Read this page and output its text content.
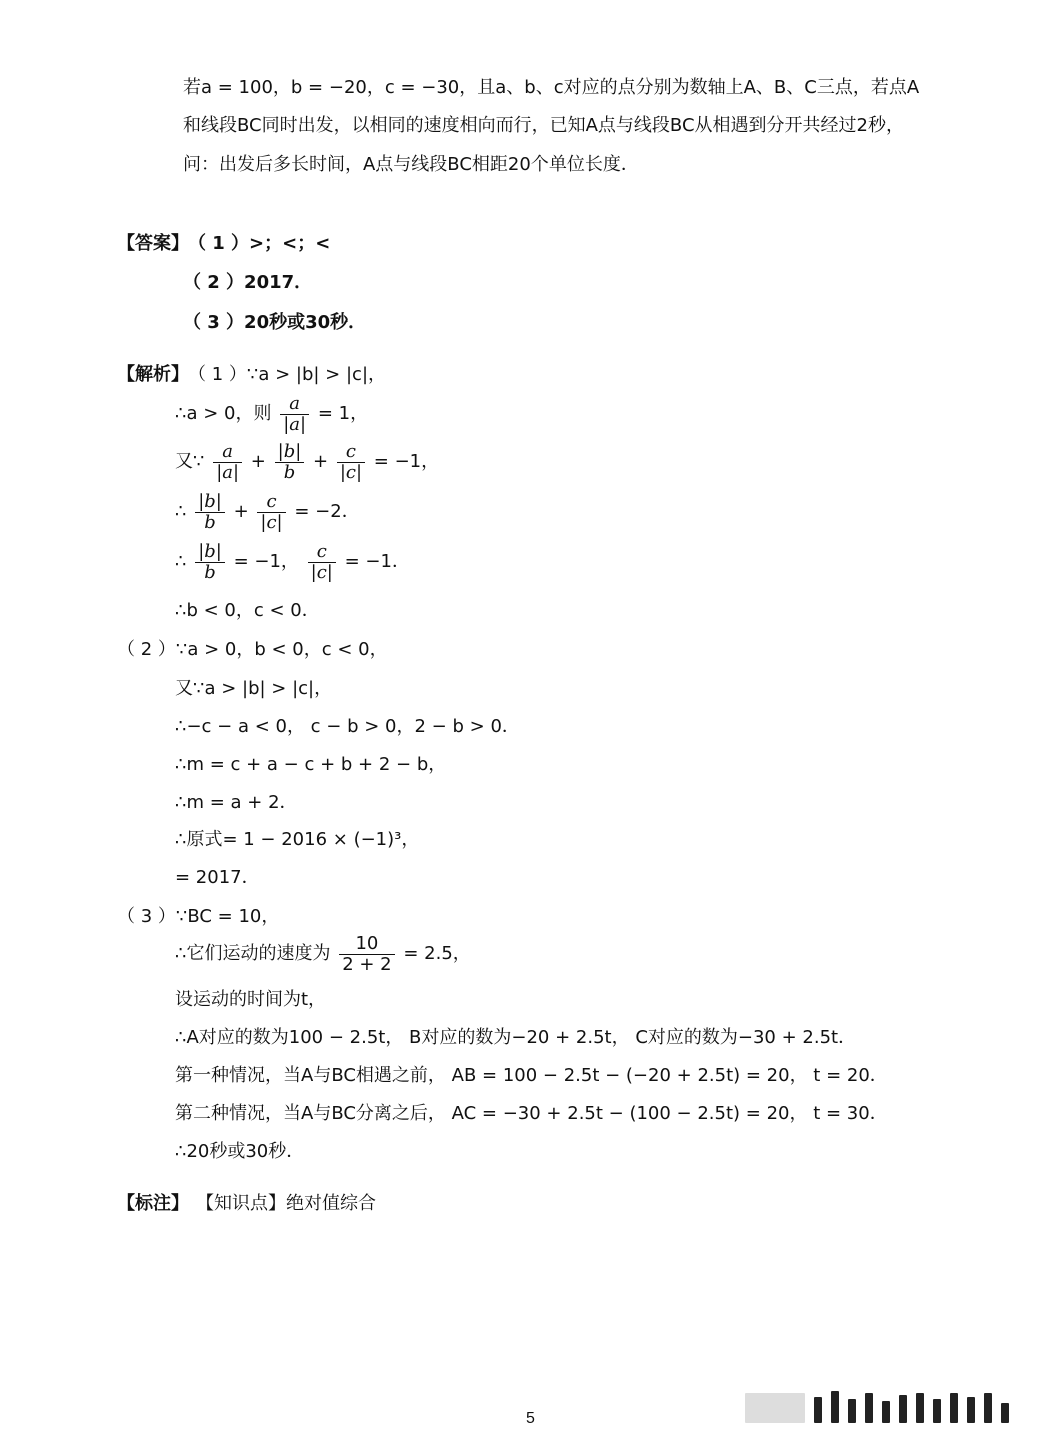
若a = 100，b = −20，c = −30，且a、b、c对应的点分别为数轴上A、B、C三点，若点A
和线段BC同时出发，以相同的速度相向而行，已知A点与线段BC从相遇到分开共经过2秒，
问：出发后多长时间，A点与线段BC相距20个单位长度．
【答案】 （ 1 ）>；<；<
（ 2 ）2017．
（ 3 ）20秒或30秒．
【解析】 （ 1 ）∵a > |b| > |c|，
∴a > 0，则 $\frac{a}{|a|} = 1$，
又∵ $\frac{a}{|a|} + \frac{|b|}{b} + \frac{c}{|c|} = -1$，
∴ $\frac{|b|}{b} + \frac{c}{|c|} = -2$．
∴ $\frac{|b|}{b} = -1$， $\frac{c}{|c|} = -1$．
∴b < 0，c < 0．
（ 2 ）∵a > 0，b < 0，c < 0，
又∵a > |b| > |c|，
∴−c − a < 0， c − b > 0，2 − b > 0．
∴m = c + a − c + b + 2 − b，
∴m = a + 2．
∴原式= 1 − 2016 × (−1)³，
= 2017．
（ 3 ）∵BC = 10，
∴它们运动的速度为 $\frac{10}{2 + 2} = 2.5$，
设运动的时间为t，
∴A对应的数为100 − 2.5t， B对应的数为−20 + 2.5t， C对应的数为−30 + 2.5t．
第一种情况，当A与BC相遇之前， AB = 100 − 2.5t − (−20 + 2.5t) = 20， t = 20．
第二种情况，当A与BC分离之后， AC = −30 + 2.5t − (100 − 2.5t) = 20， t = 30．
∴20秒或30秒．
【标注】 【知识点】绝对值综合
5
